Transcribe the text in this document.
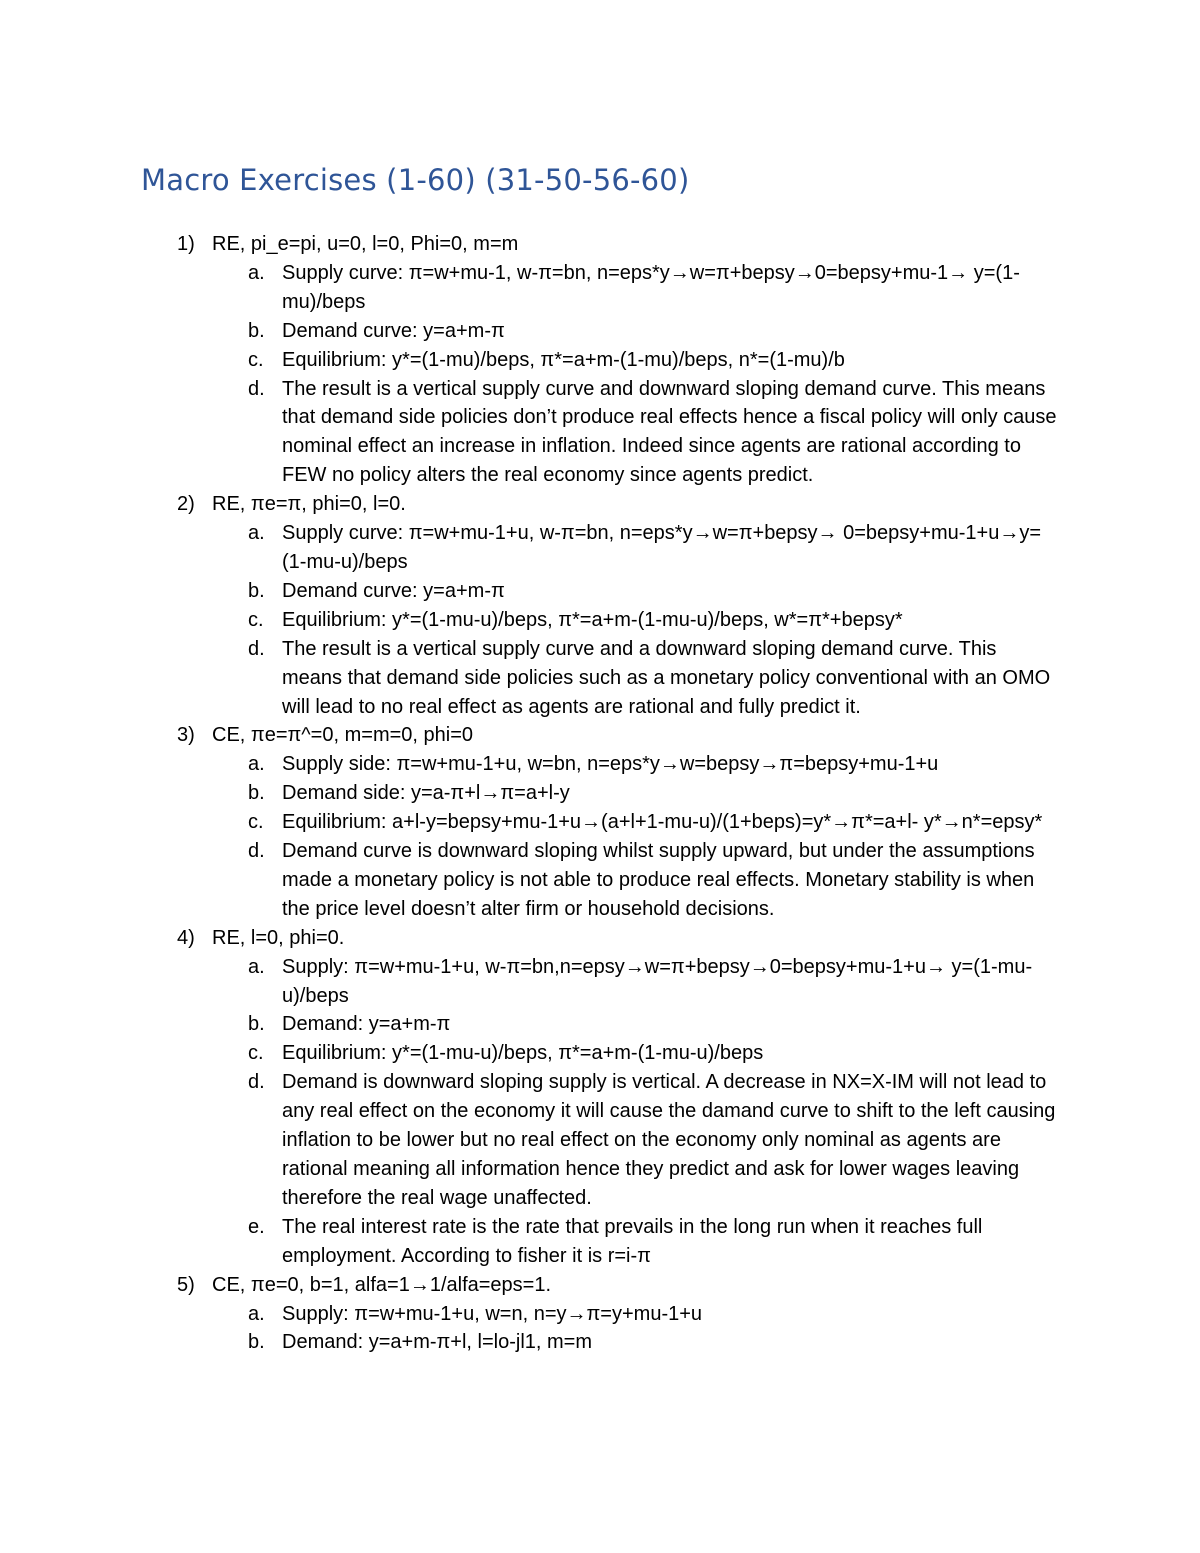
Macro Exercises (1-60) (31-50-56-60)
1) RE, pi_e=pi, u=0, l=0, Phi=0, m=m
a. Supply curve: π=w+mu-1, w-π=bn, n=eps*y→w=π+bepsy→0=bepsy+mu-1→ y=(1-mu)/beps
b. Demand curve: y=a+m-π
c. Equilibrium: y*=(1-mu)/beps, π*=a+m-(1-mu)/beps, n*=(1-mu)/b
d. The result is a vertical supply curve and downward sloping demand curve. This means that demand side policies don’t produce real effects hence a fiscal policy will only cause nominal effect an increase in inflation. Indeed since agents are rational according to FEW no policy alters the real economy since agents predict.
2) RE, πe=π, phi=0, l=0.
a. Supply curve: π=w+mu-1+u, w-π=bn, n=eps*y→w=π+bepsy→ 0=bepsy+mu-1+u→y=(1-mu-u)/beps
b. Demand curve: y=a+m-π
c. Equilibrium: y*=(1-mu-u)/beps, π*=a+m-(1-mu-u)/beps, w*=π*+bepsy*
d. The result is a vertical supply curve and a downward sloping demand curve. This means that demand side policies such as a monetary policy conventional with an OMO will lead to no real effect as agents are rational and fully predict it.
3) CE, πe=π^=0, m=m=0, phi=0
a. Supply side: π=w+mu-1+u, w=bn, n=eps*y→w=bepsy→π=bepsy+mu-1+u
b. Demand side: y=a-π+l→π=a+l-y
c. Equilibrium: a+l-y=bepsy+mu-1+u→(a+l+1-mu-u)/(1+beps)=y*→π*=a+l- y*→n*=epsy*
d. Demand curve is downward sloping whilst supply upward, but under the assumptions made a monetary policy is not able to produce real effects. Monetary stability is when the price level doesn’t alter firm or household decisions.
4) RE, l=0, phi=0.
a. Supply: π=w+mu-1+u, w-π=bn,n=epsy→w=π+bepsy→0=bepsy+mu-1+u→ y=(1-mu-u)/beps
b. Demand: y=a+m-π
c. Equilibrium: y*=(1-mu-u)/beps, π*=a+m-(1-mu-u)/beps
d. Demand is downward sloping supply is vertical. A decrease in NX=X-IM will not lead to any real effect on the economy it will cause the damand curve to shift to the left causing inflation to be lower but no real effect on the economy only nominal as agents are rational meaning all information hence they predict and ask for lower wages leaving therefore the real wage unaffected.
e. The real interest rate is the rate that prevails in the long run when it reaches full employment. According to fisher it is r=i-π
5) CE, πe=0, b=1, alfa=1→1/alfa=eps=1.
a. Supply: π=w+mu-1+u, w=n, n=y→π=y+mu-1+u
b. Demand: y=a+m-π+l, l=lo-jl1, m=m
